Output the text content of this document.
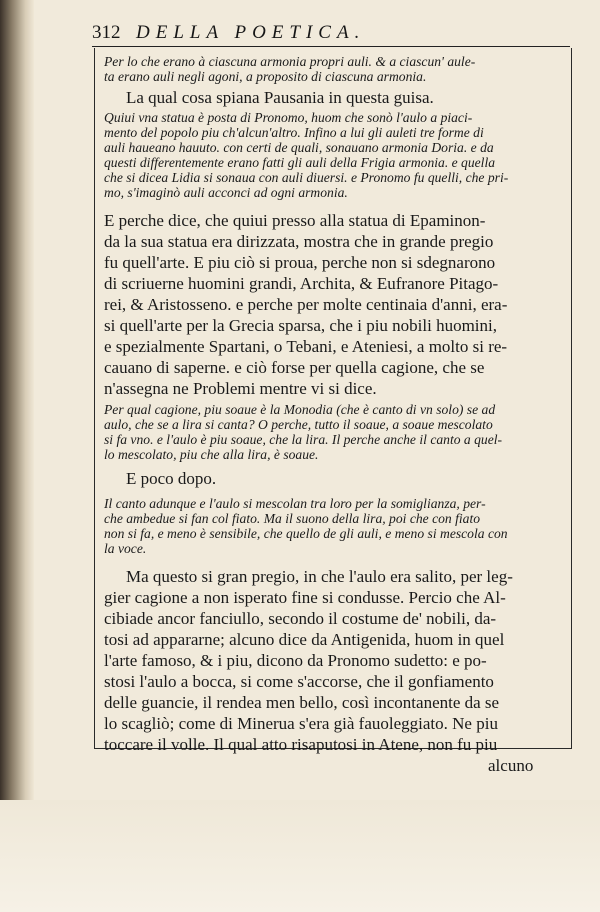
312 DELLA POETICA.
Per lo che erano à ciascuna armonia propri auli. & a ciascun' aule-
ta erano auli negli agoni, a proposito di ciascuna armonia.
La qual cosa spiana Pausania in questa guisa.
Quiui vna statua è posta di Pronomo, huom che sonò l'aulo a piaci-
mento del popolo piu ch'alcun'altro. Infino a lui gli auleti tre forme di
auli haueano hauuto. con certi de quali, sonauano armonia Doria. e da
questi differentemente erano fatti gli auli della Frigia armonia. e quella
che si dicea Lidia si sonaua con auli diuersi. e Pronomo fu quelli, che pri-
mo, s'imaginò auli acconci ad ogni armonia.
E perche dice, che quiui presso alla statua di Epaminon-
da la sua statua era dirizzata, mostra che in grande pregio
fu quell'arte. E piu ciò si proua, perche non si sdegnarono
di scriuerne huomini grandi, Archita, & Eufranore Pitago-
rei, & Aristosseno. e perche per molte centinaia d'anni, era-
si quell'arte per la Grecia sparsa, che i piu nobili huomini,
e spezialmente Spartani, o Tebani, e Ateniesi, a molto si re-
cauano di saperne. e ciò forse per quella cagione, che se
n'assegna ne Problemi mentre vi si dice.
Per qual cagione, piu soaue è la Monodia (che è canto di vn solo) se ad
aulo, che se a lira si canta? O perche, tutto il soaue, a soaue mescolato
si fa vno. e l'aulo è piu soaue, che la lira. Il perche anche il canto a quel-
lo mescolato, piu che alla lira, è soaue.
E poco dopo.
Il canto adunque e l'aulo si mescolan tra loro per la somiglianza, per-
che ambedue si fan col fiato. Ma il suono della lira, poi che con fiato
non si fa, e meno è sensibile, che quello de gli auli, e meno si mescola con
la voce.
Ma questo si gran pregio, in che l'aulo era salito, per leg-
gier cagione a non isperato fine si condusse. Percio che Al-
cibiade ancor fanciullo, secondo il costume de' nobili, da-
tosi ad appararne; alcuno dice da Antigenida, huom in quel
l'arte famoso, & i piu, dicono da Pronomo sudetto: e po-
stosi l'aulo a bocca, si come s'accorse, che il gonfiamento
delle guancie, il rendea men bello, così incontanente da se
lo scagliò; come di Minerua s'era già fauoleggiato. Ne piu
toccare il volle. Il qual atto risaputosi in Atene, non fu piu
alcuno
